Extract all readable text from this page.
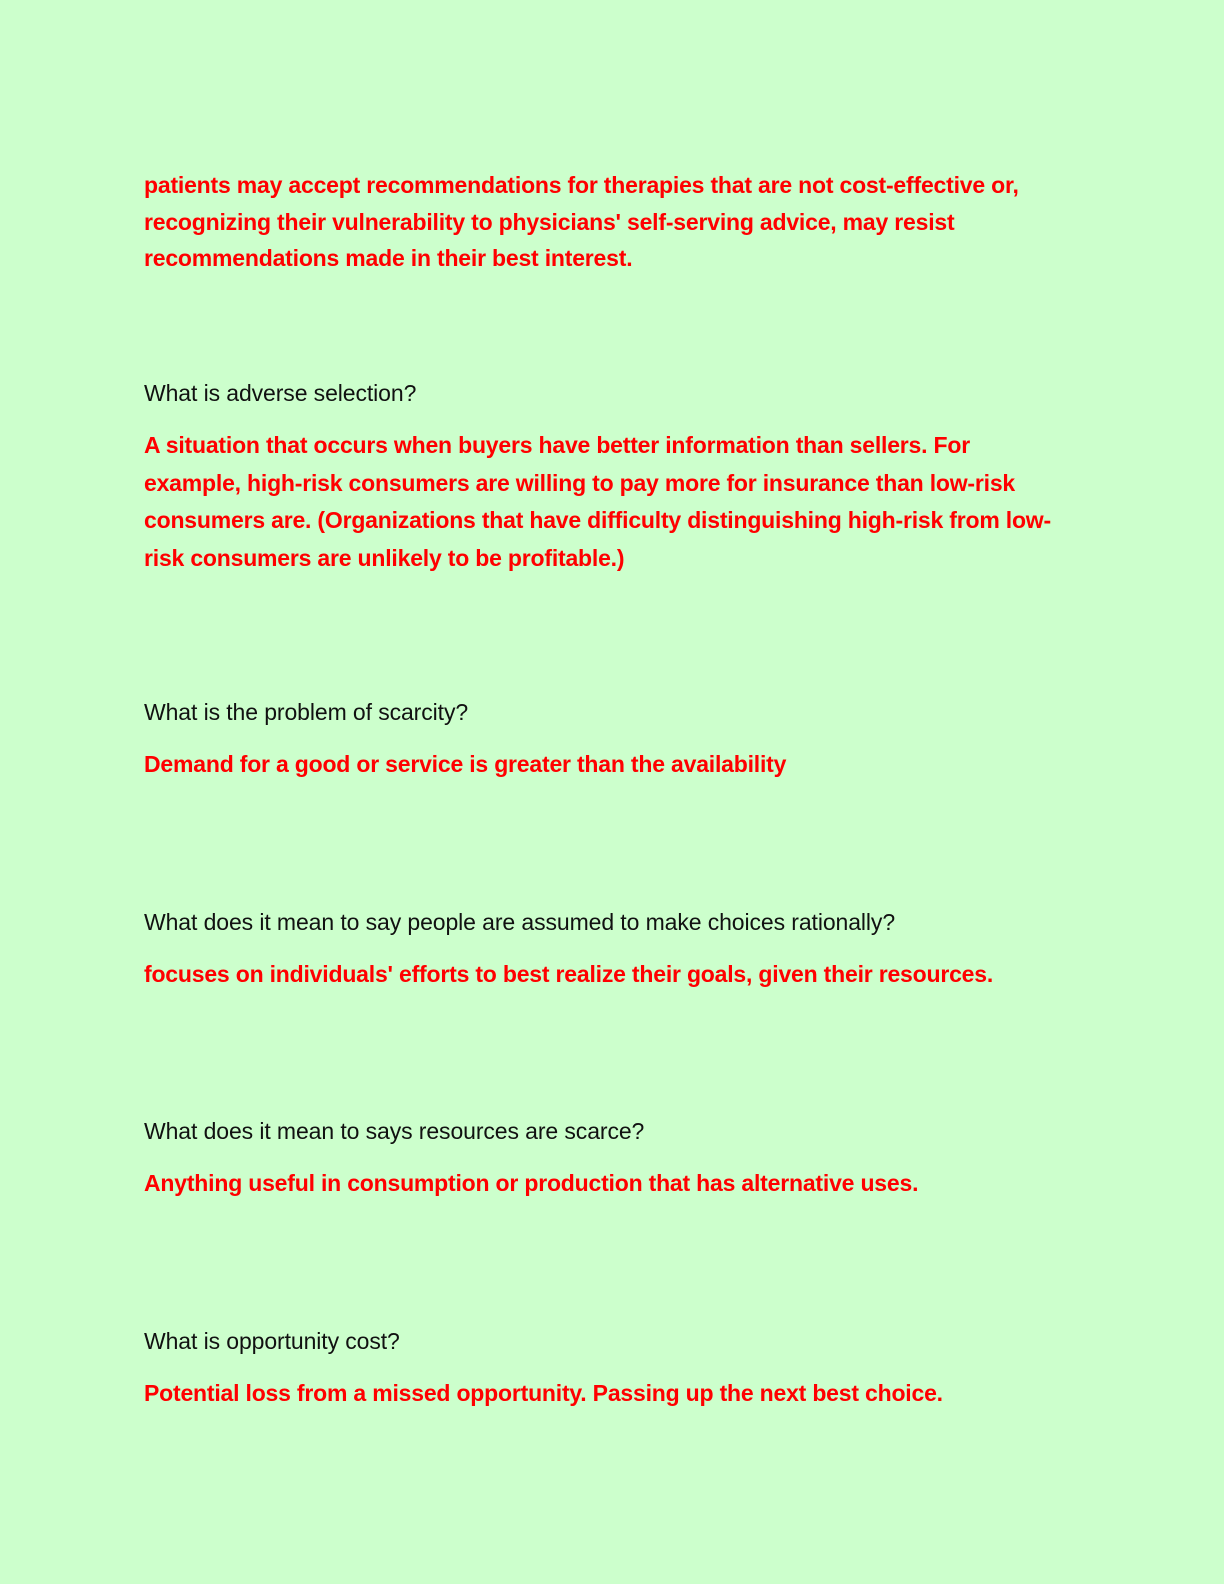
patients may accept recommendations for therapies that are not cost-effective or, recognizing their vulnerability to physicians' self-serving advice, may resist recommendations made in their best interest.

What is adverse selection?

A situation that occurs when buyers have better information than sellers. For example, high-risk consumers are willing to pay more for insurance than low-risk consumers are. (Organizations that have difficulty distinguishing high-risk from low-risk consumers are unlikely to be profitable.)

What is the problem of scarcity?

Demand for a good or service is greater than the availability

What does it mean to say people are assumed to make choices rationally?

focuses on individuals' efforts to best realize their goals, given their resources.

What does it mean to says resources are scarce?

Anything useful in consumption or production that has alternative uses.

What is opportunity cost?

Potential loss from a missed opportunity. Passing up the next best choice.
